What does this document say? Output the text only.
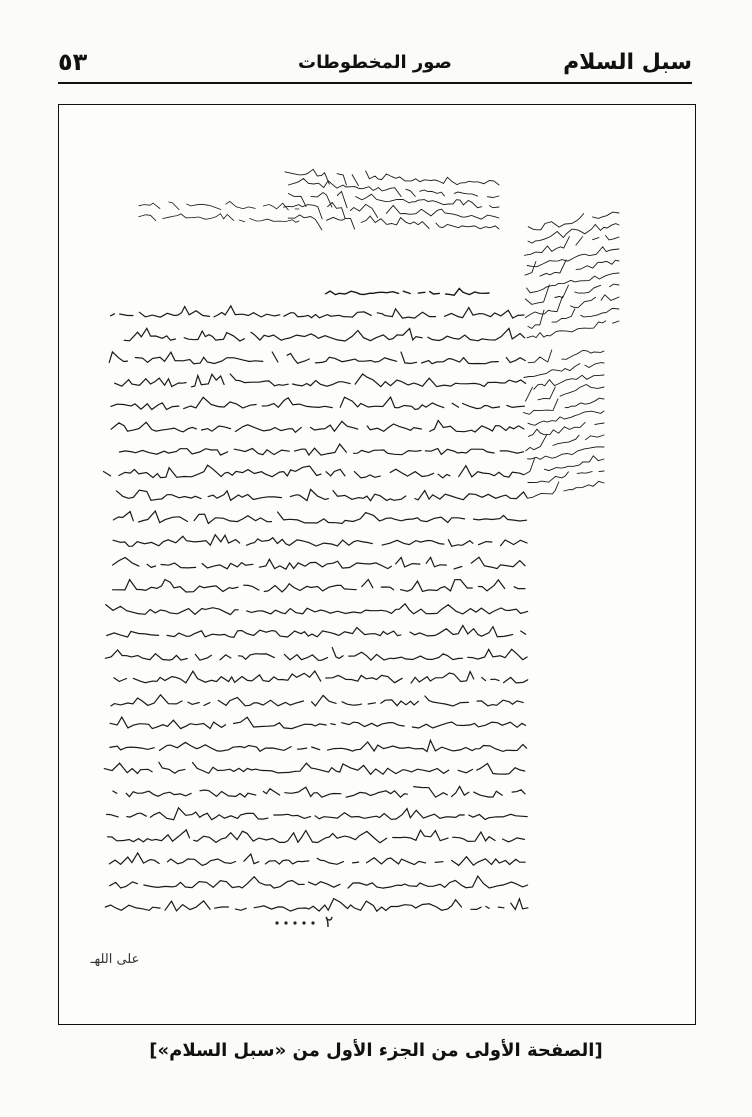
سبل السلام
صور المخطوطات
٥٣
٢
على اللهـ
[الصفحة الأولى من الجزء الأول من «سبل السلام»]
